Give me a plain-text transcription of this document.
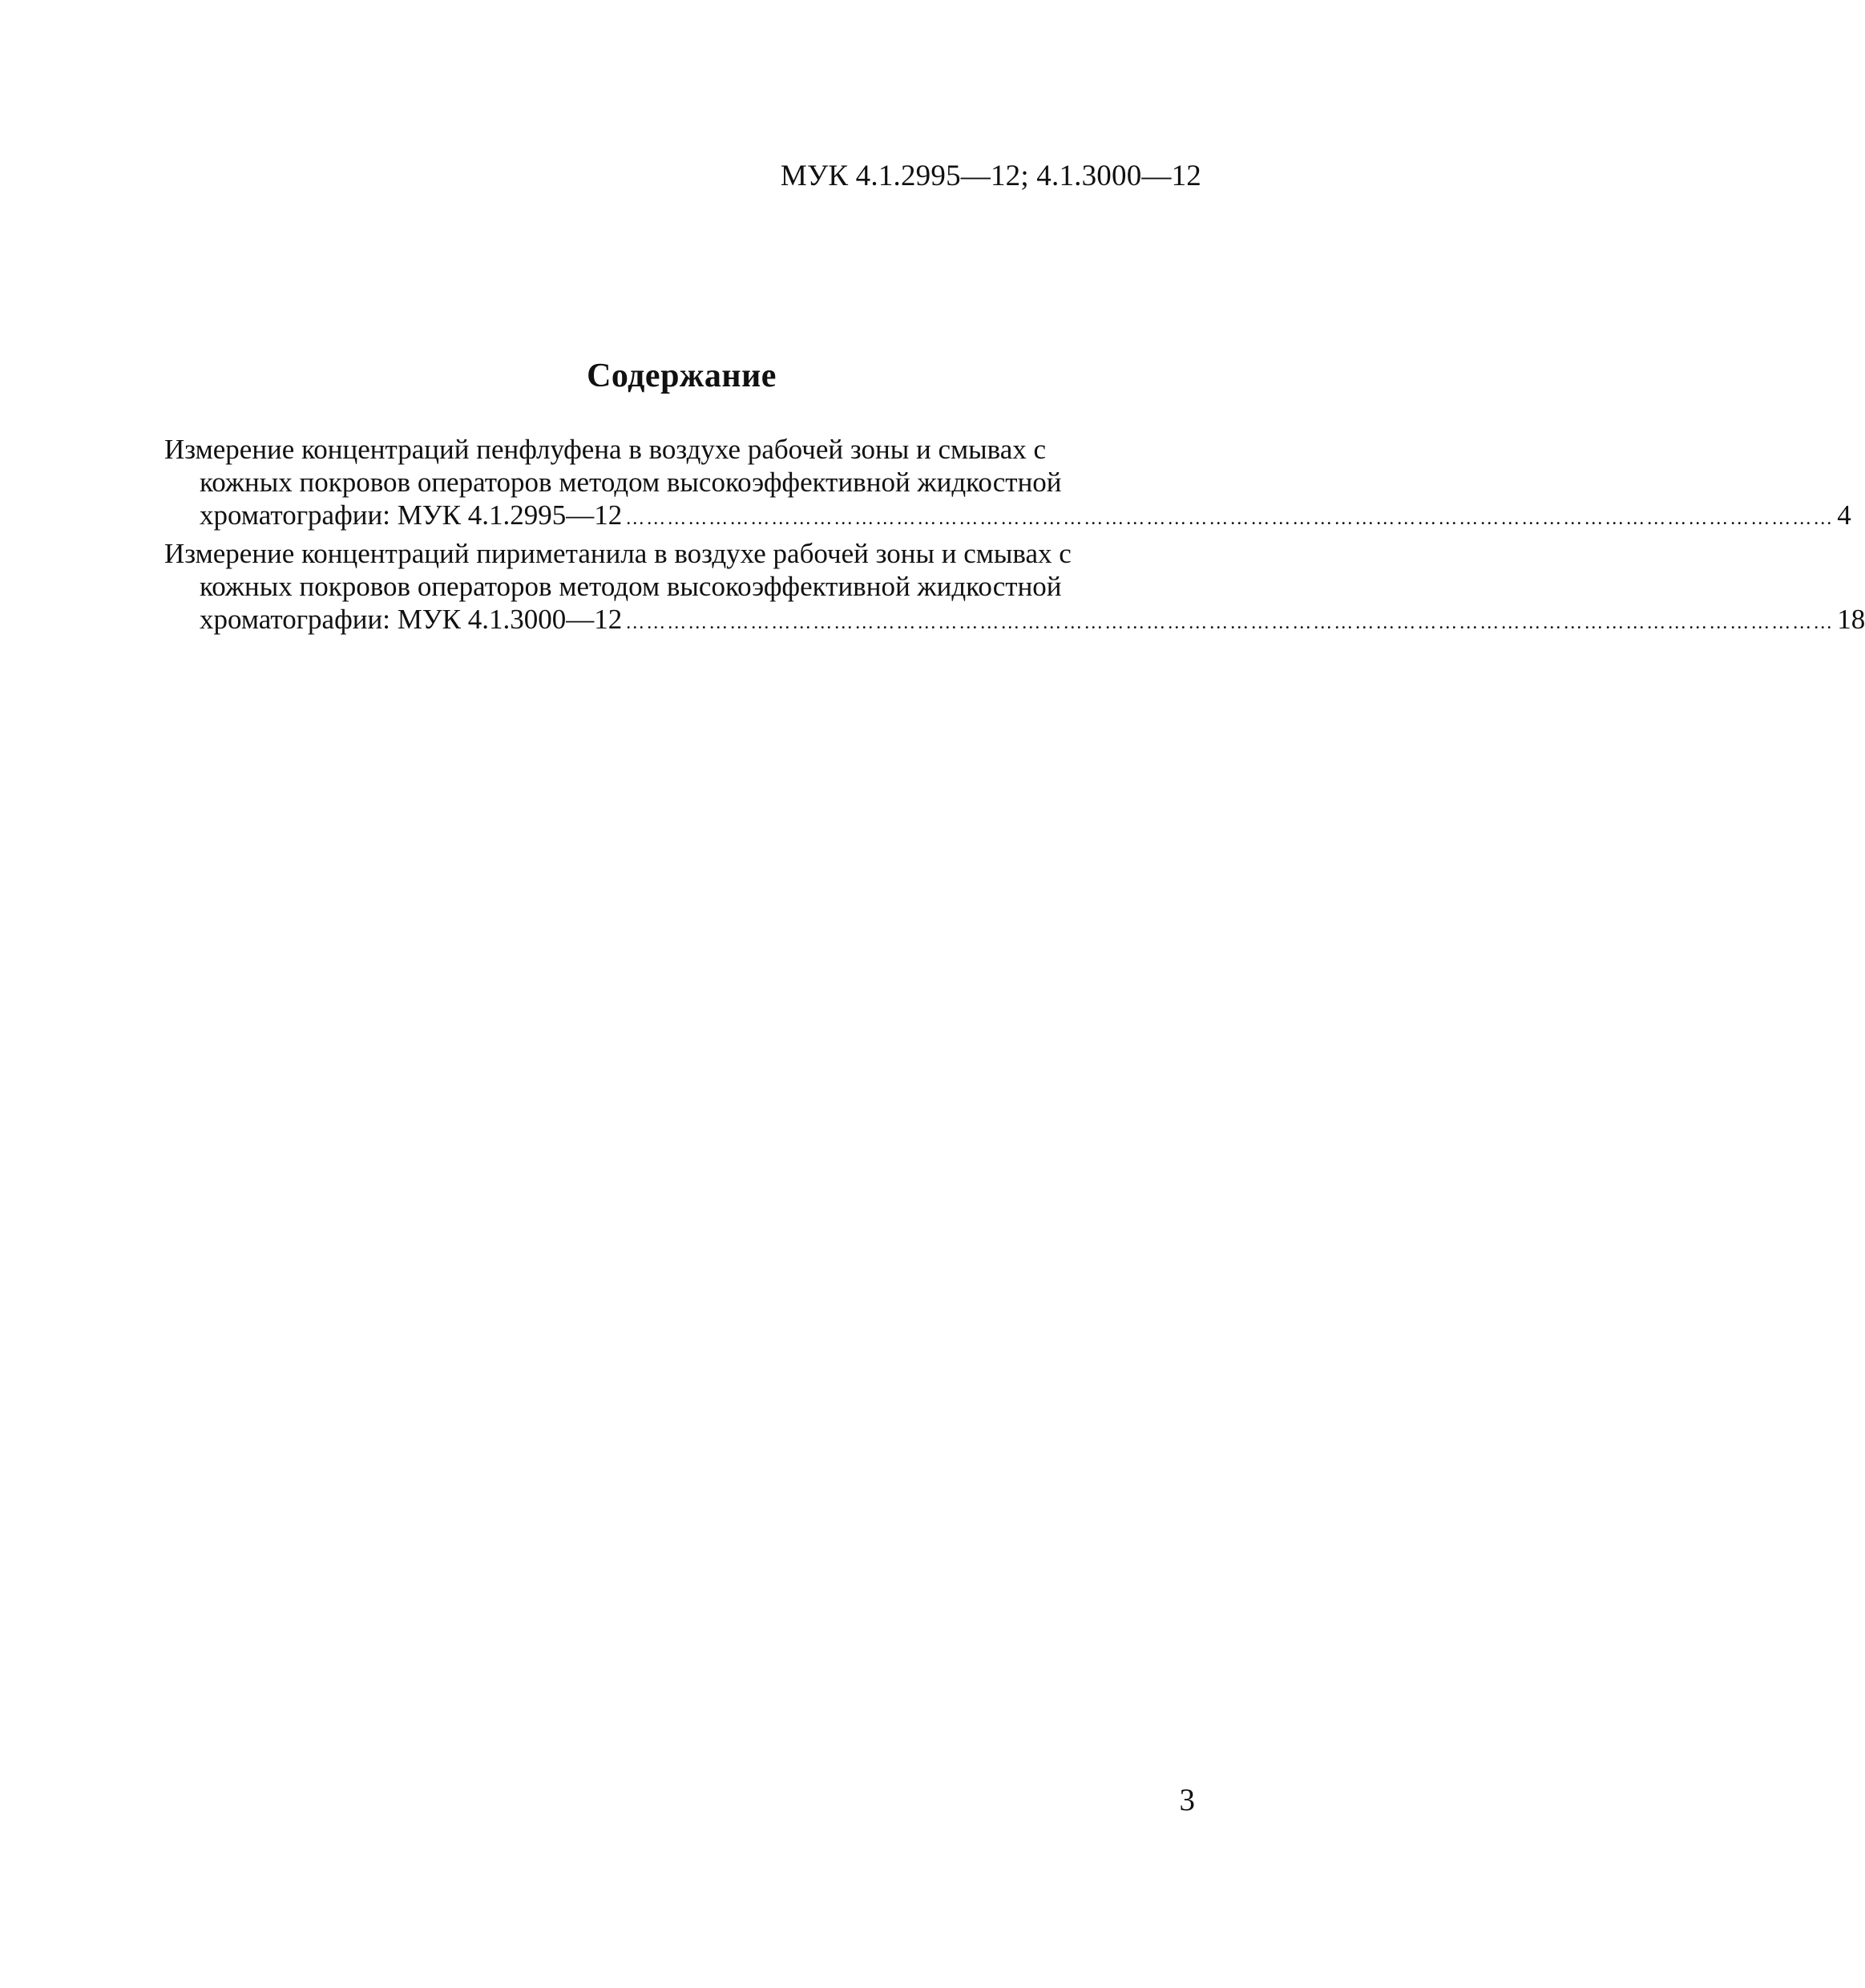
МУК 4.1.2995—12; 4.1.3000—12
Содержание
Измерение концентраций пенфлуфена в воздухе рабочей зоны и смывах с
кожных покровов операторов методом высокоэффективной жидкостной
хроматографии: МУК 4.1.2995—12 ………………………………………………………………………………………………………………………………………………………… 4
Измерение концентраций пириметанила в воздухе рабочей зоны и смывах с
кожных покровов операторов методом высокоэффективной жидкостной
хроматографии: МУК 4.1.3000—12 ………………………………………………………………………………………………………………………………………………………… 18
3
